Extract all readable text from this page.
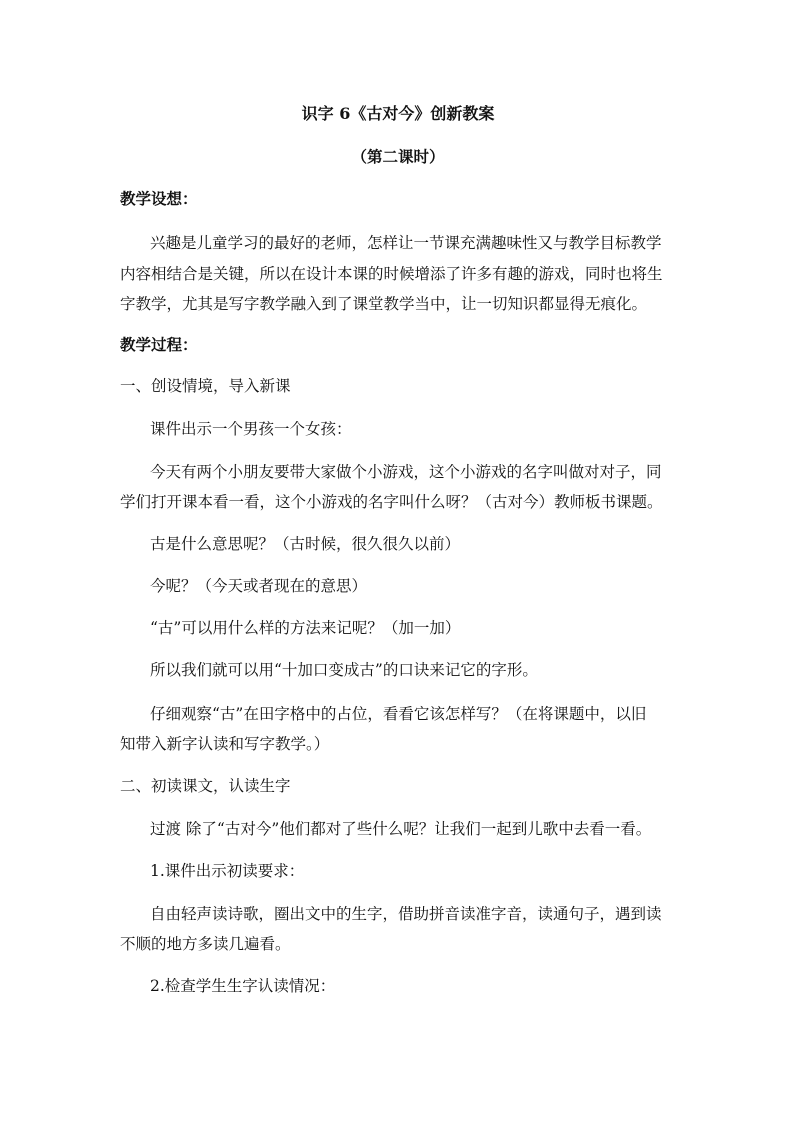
识字 6《古对今》创新教案
（第二课时）
教学设想：
兴趣是儿童学习的最好的老师，怎样让一节课充满趣味性又与教学目标教学
内容相结合是关键，所以在设计本课的时候增添了许多有趣的游戏，同时也将生
字教学，尤其是写字教学融入到了课堂教学当中，让一切知识都显得无痕化。
教学过程：
一、创设情境，导入新课
课件出示一个男孩一个女孩：
今天有两个小朋友要带大家做个小游戏，这个小游戏的名字叫做对对子，同
学们打开课本看一看，这个小游戏的名字叫什么呀？（古对今）教师板书课题。
古是什么意思呢？（古时候，很久很久以前）
今呢？（今天或者现在的意思）
“古”可以用什么样的方法来记呢？（加一加）
所以我们就可以用“十加口变成古”的口诀来记它的字形。
仔细观察“古”在田字格中的占位，看看它该怎样写？（在将课题中，以旧
知带入新字认读和写字教学。）
二、初读课文，认读生字
过渡 除了“古对今”他们都对了些什么呢？让我们一起到儿歌中去看一看。
1.课件出示初读要求：
自由轻声读诗歌，圈出文中的生字，借助拼音读准字音，读通句子，遇到读
不顺的地方多读几遍看。
2.检查学生生字认读情况：
